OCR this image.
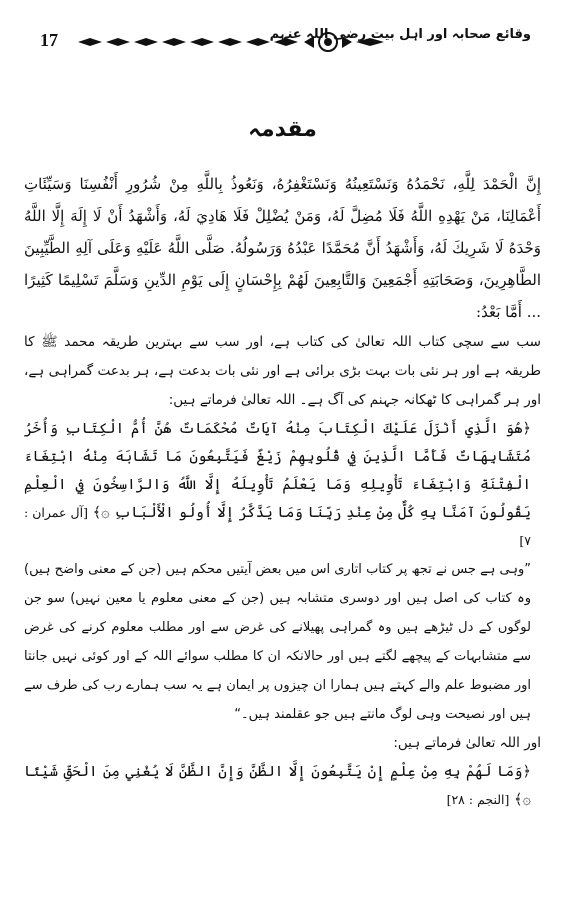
17	وقائع صحابہ اور اہل بیت رضی اللہ عنہم
مقدمہ

إِنَّ الْحَمْدَ لِلَّهِ، نَحْمَدُهُ وَنَسْتَعِينُهُ وَنَسْتَغْفِرُهُ، وَنَعُوذُ بِاللَّهِ مِنْ شُرُورِ أَنْفُسِنَا وَسَيِّئَاتِ أَعْمَالِنَا، مَنْ يَهْدِهِ اللَّهُ فَلَا مُضِلَّ لَهُ، وَمَنْ يُضْلِلْ فَلَا هَادِيَ لَهُ، وَأَشْهَدُ أَنْ لَا إِلَهَ إِلَّا اللَّهُ وَحْدَهُ لَا شَرِيكَ لَهُ، وَأَشْهَدُ أَنَّ مُحَمَّدًا عَبْدُهُ وَرَسُولُهُ. صَلَّى اللَّهُ عَلَيْهِ وَعَلَى آلِهِ الطَّيِّبِينَ الطَّاهِرِينَ، وَصَحَابَتِهِ أَجْمَعِينَ وَالتَّابِعِينَ لَهُمْ بِإِحْسَانٍ إِلَى يَوْمِ الدِّينِ وَسَلَّمَ تَسْلِيمًا كَثِيرًا ... أَمَّا بَعْدُ:

سب سے سچی کتاب اللہ تعالیٰ کی کتاب ہے، اور سب سے بہترین طریقہ محمد ﷺ کا طریقہ ہے اور ہر نئی بات بہت بڑی برائی ہے اور نئی بات بدعت ہے، ہر بدعت گمراہی ہے، اور ہر گمراہی کا ٹھکانہ جہنم کی آگ ہے۔ اللہ تعالیٰ فرماتے ہیں:

﴿هُوَ الَّذِي أَنْزَلَ عَلَيْكَ الْكِتَابَ مِنْهُ آيَاتٌ مُحْكَمَاتٌ هُنَّ أُمُّ الْكِتَابِ وَأُخَرُ مُتَشَابِهَاتٌ فَأَمَّا الَّذِينَ فِي قُلُوبِهِمْ زَيْغٌ فَيَتَّبِعُونَ مَا تَشَابَهَ مِنْهُ ابْتِغَاءَ الْفِتْنَةِ وَابْتِغَاءَ تَأْوِيلِهِ وَمَا يَعْلَمُ تَأْوِيلَهُ إِلَّا اللَّهُ وَالرَّاسِخُونَ فِي الْعِلْمِ يَقُولُونَ آمَنَّا بِهِ كُلٌّ مِنْ عِنْدِ رَبِّنَا وَمَا يَذَّكَّرُ إِلَّا أُولُو الْأَلْبَابِ ۞﴾ [آل عمران : ۷]

”وہی ہے جس نے تجھ پر کتاب اتاری اس میں بعض آیتیں محکم ہیں (جن کے معنی واضح ہیں) وہ کتاب کی اصل ہیں اور دوسری متشابہ ہیں (جن کے معنی معلوم یا معین نہیں) سو جن لوگوں کے دل ٹیڑھے ہیں وہ گمراہی پھیلانے کی غرض سے اور مطلب معلوم کرنے کی غرض سے متشابہات کے پیچھے لگتے ہیں اور حالانکہ ان کا مطلب سوائے اللہ کے اور کوئی نہیں جانتا اور مضبوط علم والے کہتے ہیں ہمارا ان چیزوں پر ایمان ہے یہ سب ہمارے رب کی طرف سے ہیں اور نصیحت وہی لوگ مانتے ہیں جو عقلمند ہیں۔“

اور اللہ تعالیٰ فرماتے ہیں:

﴿وَمَا لَهُمْ بِهِ مِنْ عِلْمٍ إِنْ يَتَّبِعُونَ إِلَّا الظَّنَّ وَإِنَّ الظَّنَّ لَا يُغْنِي مِنَ الْحَقِّ شَيْئًا ۞﴾ [النجم : ۲۸]
